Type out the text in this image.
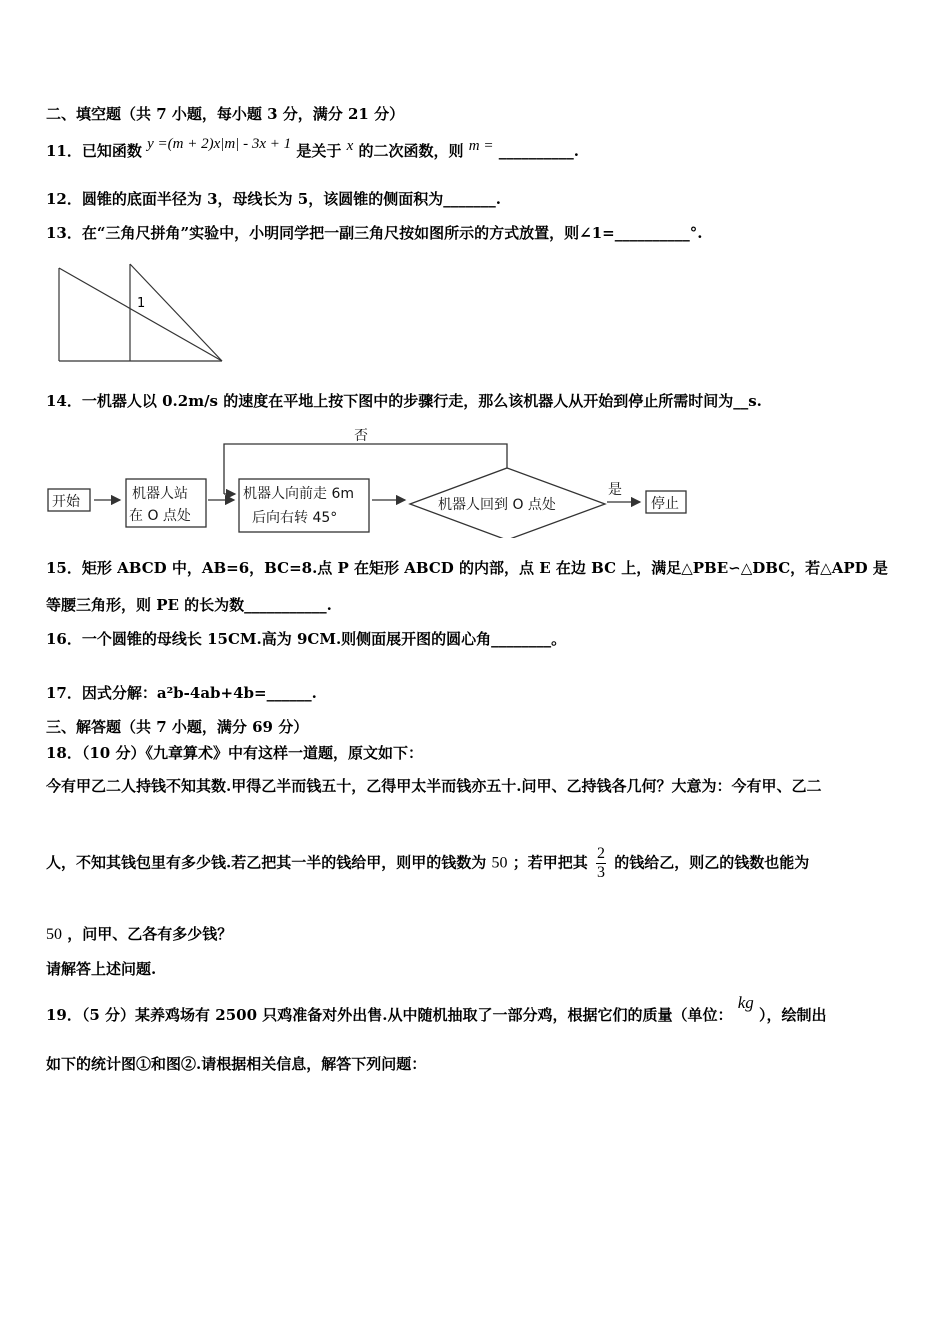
二、填空题（共 7 小题，每小题 3 分，满分 21 分）
11．已知函数 y =(m + 2)x|m| - 3x + 1 是关于 x 的二次函数，则 m = __________.
12．圆锥的底面半径为 3，母线长为 5，该圆锥的侧面积为_______.
13．在“三角尺拼角”实验中，小明同学把一副三角尺按如图所示的方式放置，则∠1=__________°.
1
14．一机器人以 0.2m/s 的速度在平地上按下图中的步骤行走，那么该机器人从开始到停止所需时间为__s.
开始	机器人站
在 O 点处
机器人向前走 6m
后向右转 45°
机器人回到 O 点处
是
否
停止
15．矩形 ABCD 中，AB=6，BC=8.点 P 在矩形 ABCD 的内部，点 E 在边 BC 上，满足△PBE∽△DBC，若△APD 是
等腰三角形，则 PE 的长为数___________.
16．一个圆锥的母线长 15CM.高为 9CM.则侧面展开图的圆心角________。
17．因式分解：a²b-4ab+4b=______.
三、解答题（共 7 小题，满分 69 分）
18．（10 分）《九章算术》中有这样一道题，原文如下：
今有甲乙二人持钱不知其数.甲得乙半而钱五十，乙得甲太半而钱亦五十.问甲、乙持钱各几何？大意为：今有甲、乙二
人，不知其钱包里有多少钱.若乙把其一半的钱给甲，则甲的钱数为 50 ；若甲把其 $\frac{2}{3}$ 的钱给乙，则乙的钱数也能为
50 ，问甲、乙各有多少钱？
请解答上述问题.
19．（5 分）某养鸡场有 2500 只鸡准备对外出售.从中随机抽取了一部分鸡，根据它们的质量（单位： kg ），绘制出
如下的统计图①和图②.请根据相关信息，解答下列问题：
